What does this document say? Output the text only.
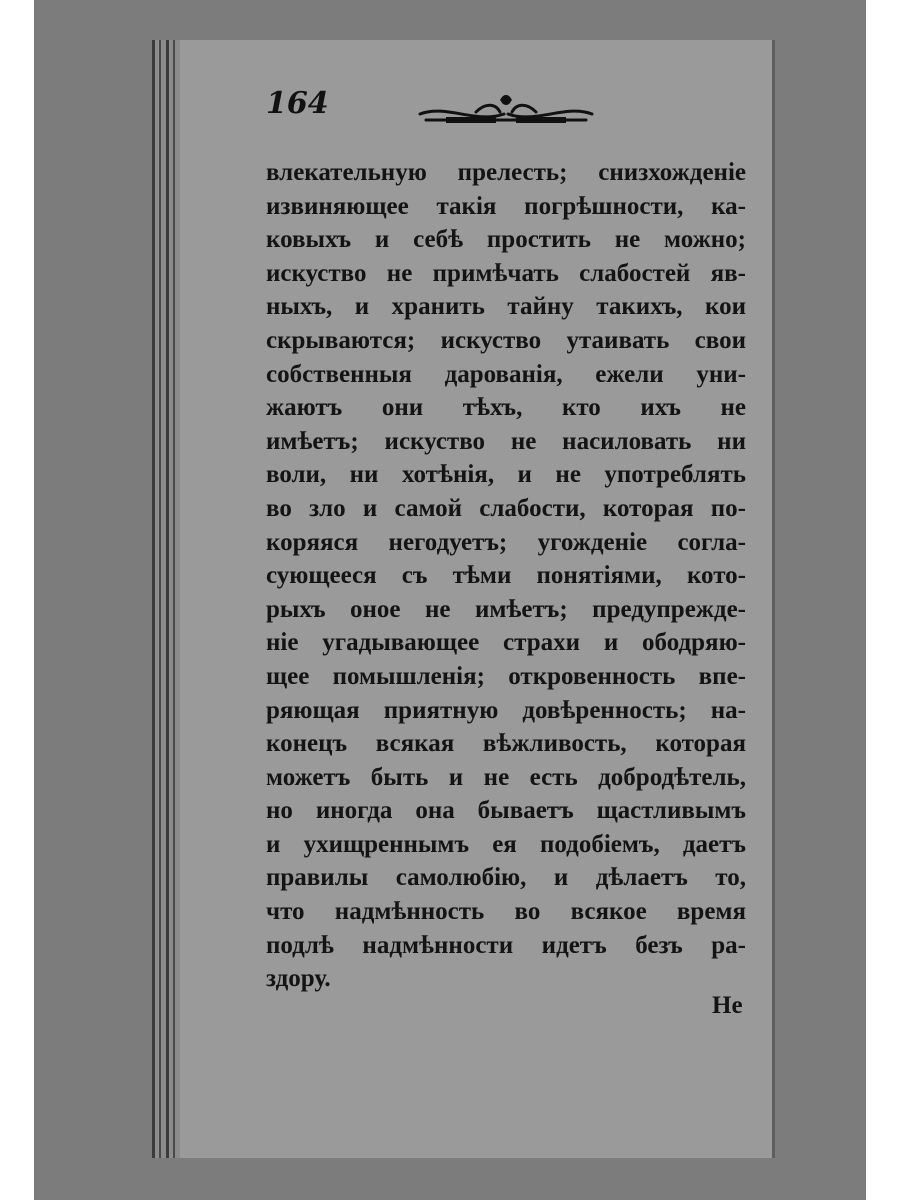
164
влекательную прелесть; снизхожденіе
извиняющее такія погрѣшности, ка-
ковыхъ и себѣ простить не можно;
искуство не примѣчать слабостей яв-
ныхъ, и хранить тайну такихъ, кои
скрываются; искуство утаивать свои
собственныя дарованія, ежели уни-
жаютъ они тѣхъ, кто ихъ не
имѣетъ; искуство не насиловать ни
воли, ни хотѣнія, и не употреблять
во зло и самой слабости, которая по-
коряяся негодуетъ; угожденіе согла-
сующееся съ тѣми понятіями, кото-
рыхъ оное не имѣетъ; предупрежде-
ніе угадывающее страхи и ободряю-
щее помышленія; откровенность впе-
ряющая приятную довѣренность; на-
конецъ всякая вѣжливость, которая
можетъ быть и не есть добродѣтель,
но иногда она бываетъ щастливымъ
и ухищреннымъ ея подобіемъ, даетъ
правилы самолюбію, и дѣлаетъ то,
что надмѣнность во всякое время
подлѣ надмѣнности идетъ безъ ра-
здору.
Не
